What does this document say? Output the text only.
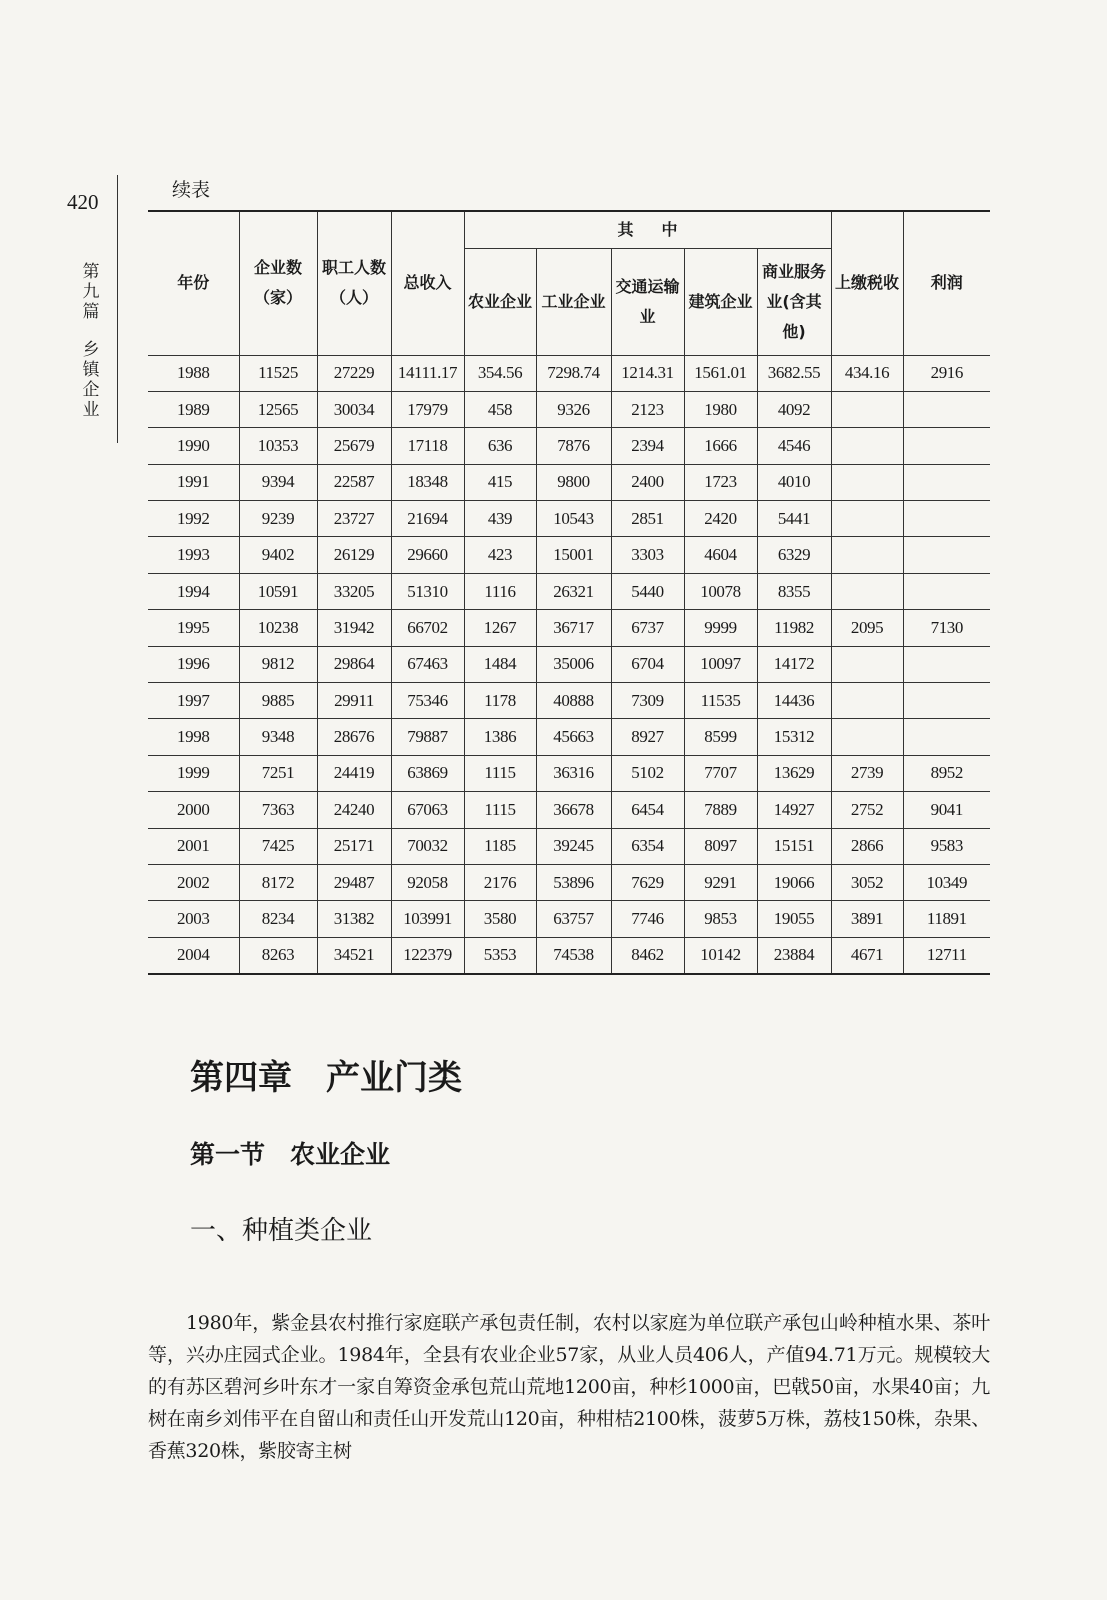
420
第
九
篇
乡
镇
企
业
续表
年份	企业数（家）	职工人数（人）	总收入	其中					上缴税收	利润
				农业企业	工业企业	交通运输业	建筑企业	商业服务业(含其他)		
1988	11525	27229	14111.17	354.56	7298.74	1214.31	1561.01	3682.55	434.16	2916
1989	12565	30034	17979	458	9326	2123	1980	4092		
1990	10353	25679	17118	636	7876	2394	1666	4546		
1991	9394	22587	18348	415	9800	2400	1723	4010		
1992	9239	23727	21694	439	10543	2851	2420	5441		
1993	9402	26129	29660	423	15001	3303	4604	6329		
1994	10591	33205	51310	1116	26321	5440	10078	8355		
1995	10238	31942	66702	1267	36717	6737	9999	11982	2095	7130
1996	9812	29864	67463	1484	35006	6704	10097	14172		
1997	9885	29911	75346	1178	40888	7309	11535	14436		
1998	9348	28676	79887	1386	45663	8927	8599	15312		
1999	7251	24419	63869	1115	36316	5102	7707	13629	2739	8952
2000	7363	24240	67063	1115	36678	6454	7889	14927	2752	9041
2001	7425	25171	70032	1185	39245	6354	8097	15151	2866	9583
2002	8172	29487	92058	2176	53896	7629	9291	19066	3052	10349
2003	8234	31382	103991	3580	63757	7746	9853	19055	3891	11891
2004	8263	34521	122379	5353	74538	8462	10142	23884	4671	12711
第四章　产业门类
第一节　农业企业
一、种植类企业

1980年，紫金县农村推行家庭联产承包责任制，农村以家庭为单位联产承包山岭种植水果、茶叶等，兴办庄园式企业。1984年，全县有农业企业57家，从业人员406人，产值94.71万元。规模较大的有苏区碧河乡叶东才一家自筹资金承包荒山荒地1200亩，种杉1000亩，巴戟50亩，水果40亩；九树在南乡刘伟平在自留山和责任山开发荒山120亩，种柑桔2100株，菠萝5万株，荔枝150株，杂果、香蕉320株，紫胶寄主树
